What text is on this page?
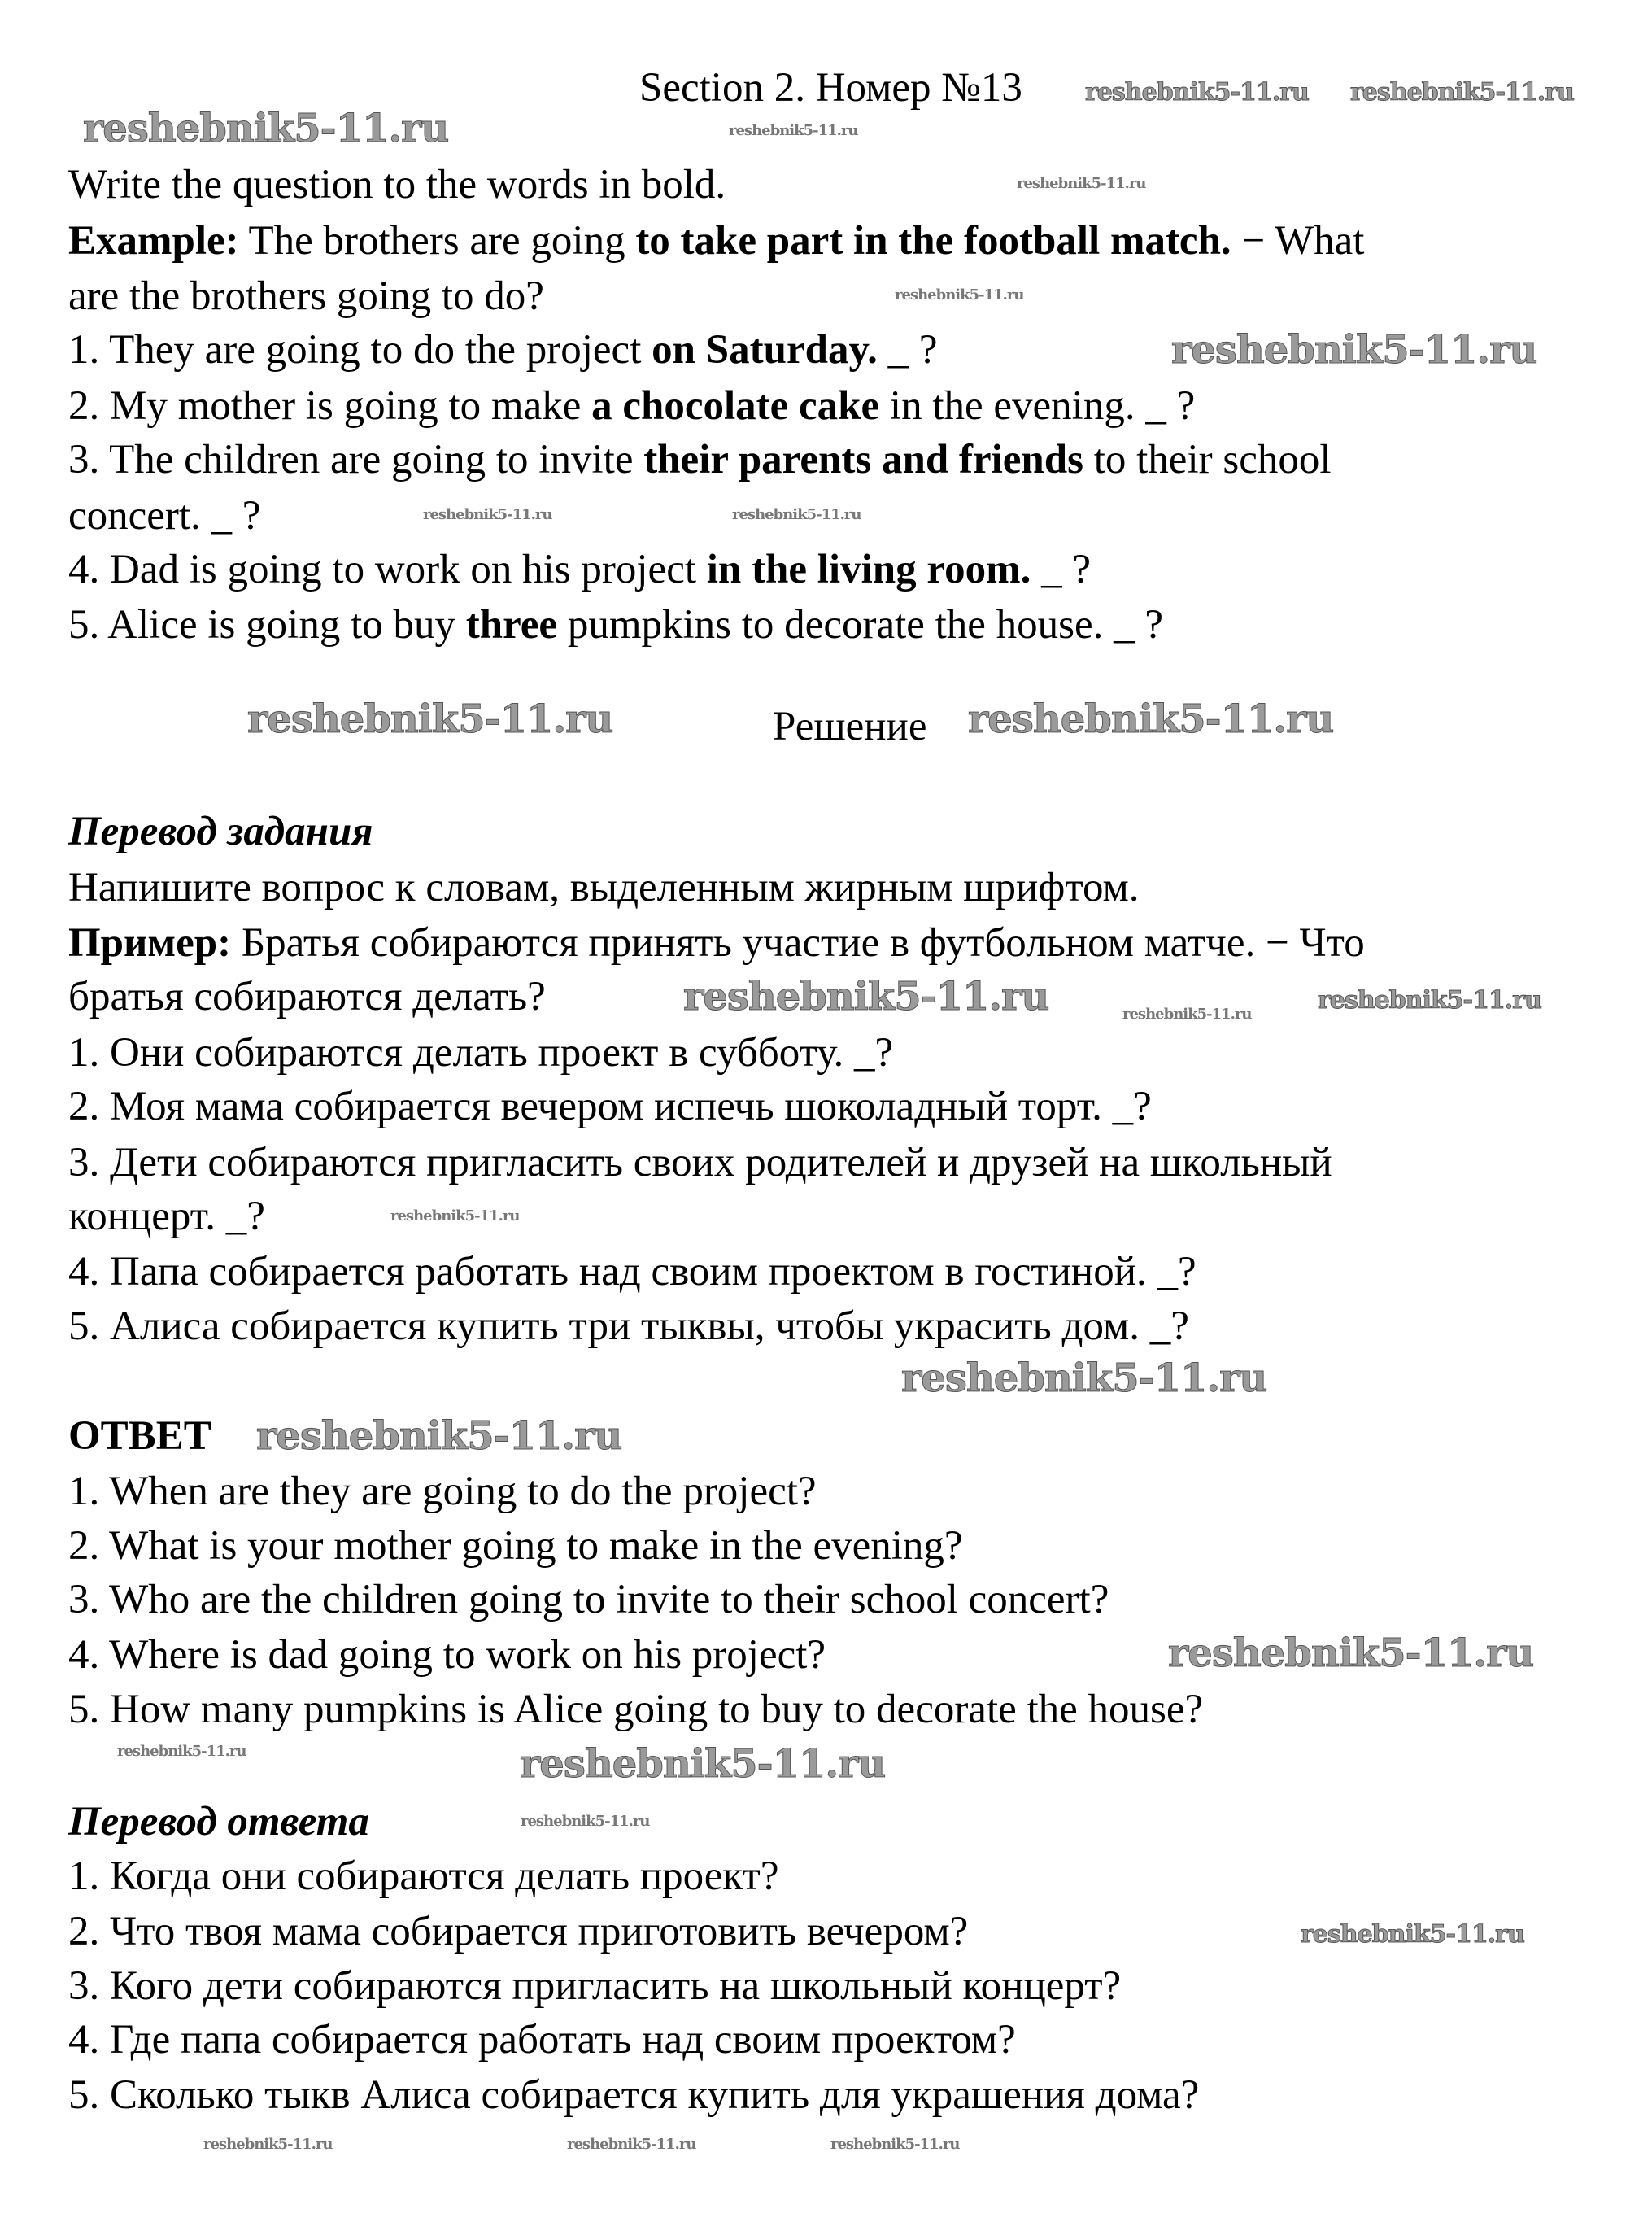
Section 2. Номер №13
Write the question to the words in bold.
Example: The brothers are going to take part in the football match. − What
are the brothers going to do?
1. They are going to do the project on Saturday. _ ?
2. My mother is going to make a chocolate cake in the evening. _ ?
3. The children are going to invite their parents and friends to their school
concert. _ ?
4. Dad is going to work on his project in the living room. _ ?
5. Alice is going to buy three pumpkins to decorate the house. _ ?
Решение
Перевод задания
Напишите вопрос к словам, выделенным жирным шрифтом.
Пример: Братья собираются принять участие в футбольном матче. − Что
братья собираются делать?
1. Они собираются делать проект в субботу. _?
2. Моя мама собирается вечером испечь шоколадный торт. _?
3. Дети собираются пригласить своих родителей и друзей на школьный
концерт. _?
4. Папа собирается работать над своим проектом в гостиной. _?
5. Алиса собирается купить три тыквы, чтобы украсить дом. _?
ОТВЕТ
1. When are they are going to do the project?
2. What is your mother going to make in the evening?
3. Who are the children going to invite to their school concert?
4. Where is dad going to work on his project?
5. How many pumpkins is Alice going to buy to decorate the house?
Перевод ответа
1. Когда они собираются делать проект?
2. Что твоя мама собирается приготовить вечером?
3. Кого дети собираются пригласить на школьный концерт?
4. Где папа собирается работать над своим проектом?
5. Сколько тыкв Алиса собирается купить для украшения дома?
reshebnik5-11.ru
reshebnik5-11.ru
reshebnik5-11.ru	reshebnik5-11.ru
reshebnik5-11.ru
reshebnik5-11.ru
reshebnik5-11.ru
reshebnik5-11.ru
reshebnik5-11.ru
reshebnik5-11.ru reshebnik5-11.ru
reshebnik5-11.ru
reshebnik5-11.ru
reshebnik5-11.ru
reshebnik5-11.ru
reshebnik5-11.ru
reshebnik5-11.ru	reshebnik5-11.ru
reshebnik5-11.ru
reshebnik5-11.ru
reshebnik5-11.ru
reshebnik5-11.ru
reshebnik5-11.ru	reshebnik5-11.ru	reshebnik5-11.ru
